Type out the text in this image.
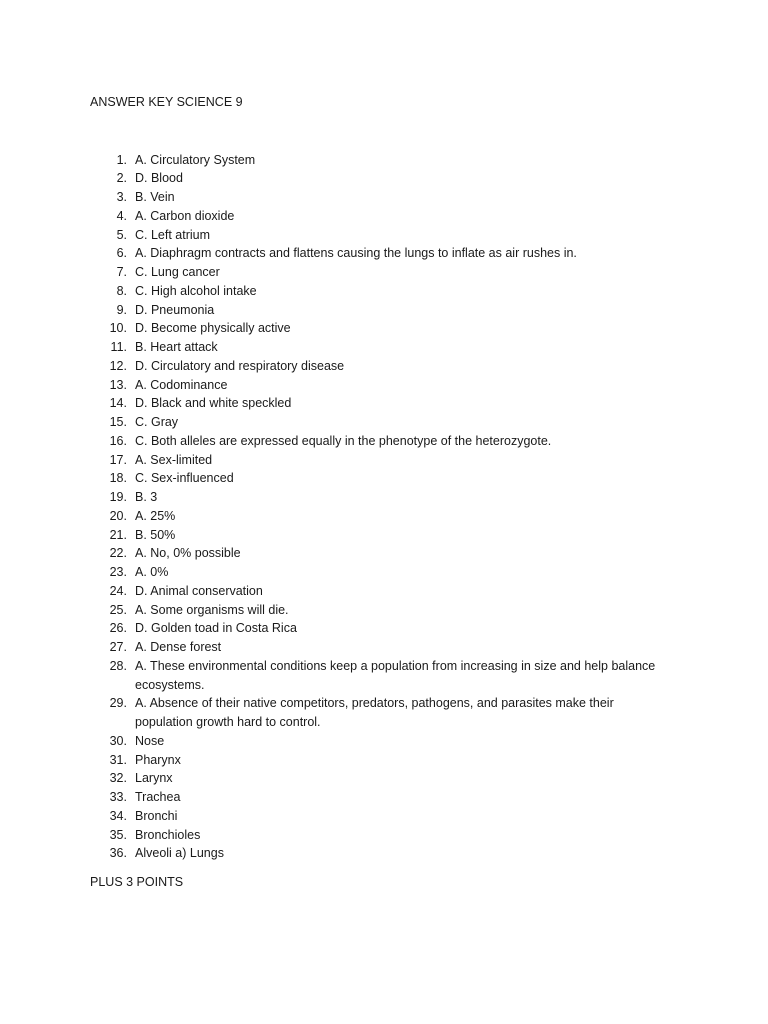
ANSWER KEY SCIENCE 9
1. A. Circulatory System
2. D. Blood
3. B. Vein
4. A. Carbon dioxide
5. C. Left atrium
6. A. Diaphragm contracts and flattens causing the lungs to inflate as air rushes in.
7. C. Lung cancer
8. C. High alcohol intake
9. D. Pneumonia
10. D. Become physically active
11. B. Heart attack
12. D. Circulatory and respiratory disease
13. A. Codominance
14. D. Black and white speckled
15. C. Gray
16. C. Both alleles are expressed equally in the phenotype of the heterozygote.
17. A. Sex-limited
18. C. Sex-influenced
19. B. 3
20. A. 25%
21. B. 50%
22. A. No, 0% possible
23. A. 0%
24. D. Animal conservation
25. A. Some organisms will die.
26. D. Golden toad in Costa Rica
27. A. Dense forest
28. A. These environmental conditions keep a population from increasing in size and help balance ecosystems.
29. A. Absence of their native competitors, predators, pathogens, and parasites make their population growth hard to control.
30. Nose
31. Pharynx
32. Larynx
33. Trachea
34. Bronchi
35. Bronchioles
36. Alveoli a) Lungs
PLUS 3 POINTS
